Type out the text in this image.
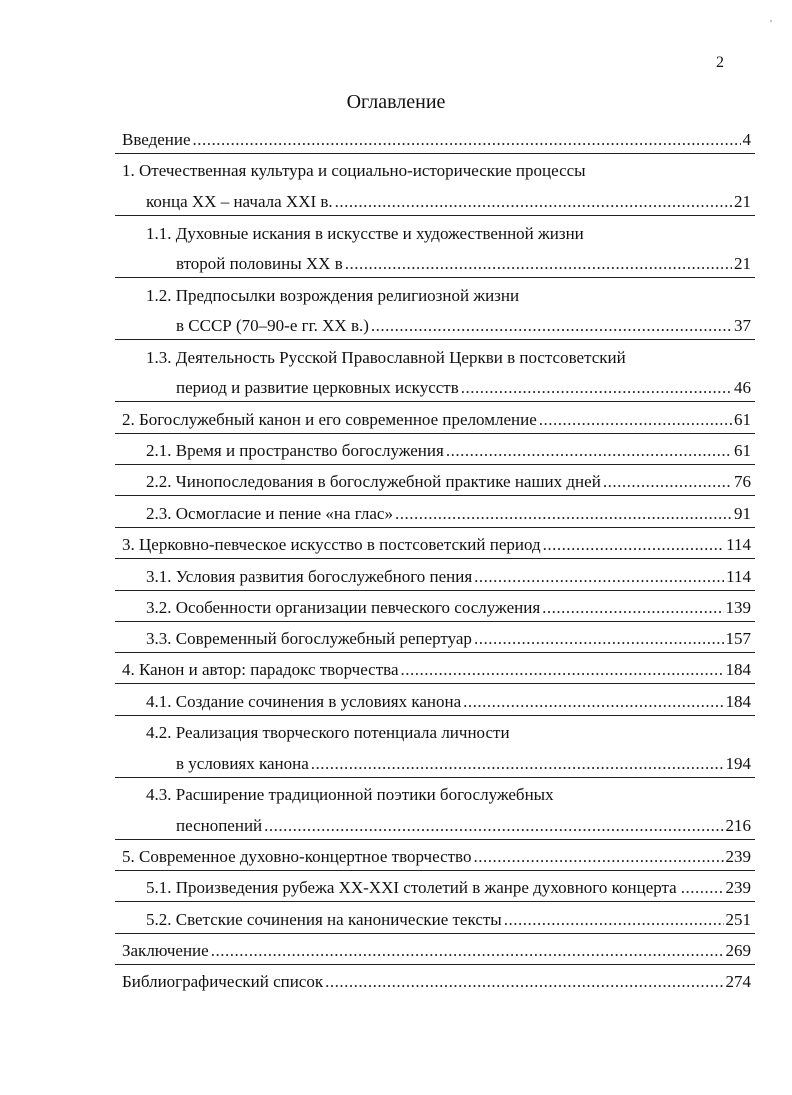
'
2
Оглавление
Введение .....	4
1. Отечественная культура и социально-исторические процессы
конца XX – начала XXI в. .....	21
1.1. Духовные искания в искусстве и художественной жизни
второй половины XX в .....	21
1.2. Предпосылки возрождения религиозной жизни
в СССР (70–90-е гг. XX в.) .....	37
1.3. Деятельность Русской Православной Церкви в постсоветский
период и развитие церковных искусств .....	46
2. Богослужебный канон и его современное преломление .....	61
2.1. Время и пространство богослужения .....	61
2.2. Чинопоследования в богослужебной практике наших дней .....	76
2.3. Осмогласие и пение «на глас» .....	91
3. Церковно-певческое искусство в постсоветский период .....	114
3.1. Условия развития богослужебного пения .....	114
3.2. Особенности организации певческого сослужения .....	139
3.3. Современный богослужебный репертуар .....	157
4. Канон и автор: парадокс творчества .....	184
4.1. Создание сочинения в условиях канона .....	184
4.2. Реализация творческого потенциала личности
в условиях канона .....	194
4.3. Расширение традиционной поэтики богослужебных
песнопений .....	216
5. Современное духовно-концертное творчество .....	239
5.1. Произведения рубежа XX-XXI столетий в жанре духовного концерта .....	239
5.2. Светские сочинения на канонические тексты .....	251
Заключение .....	269
Библиографический список .....	274
